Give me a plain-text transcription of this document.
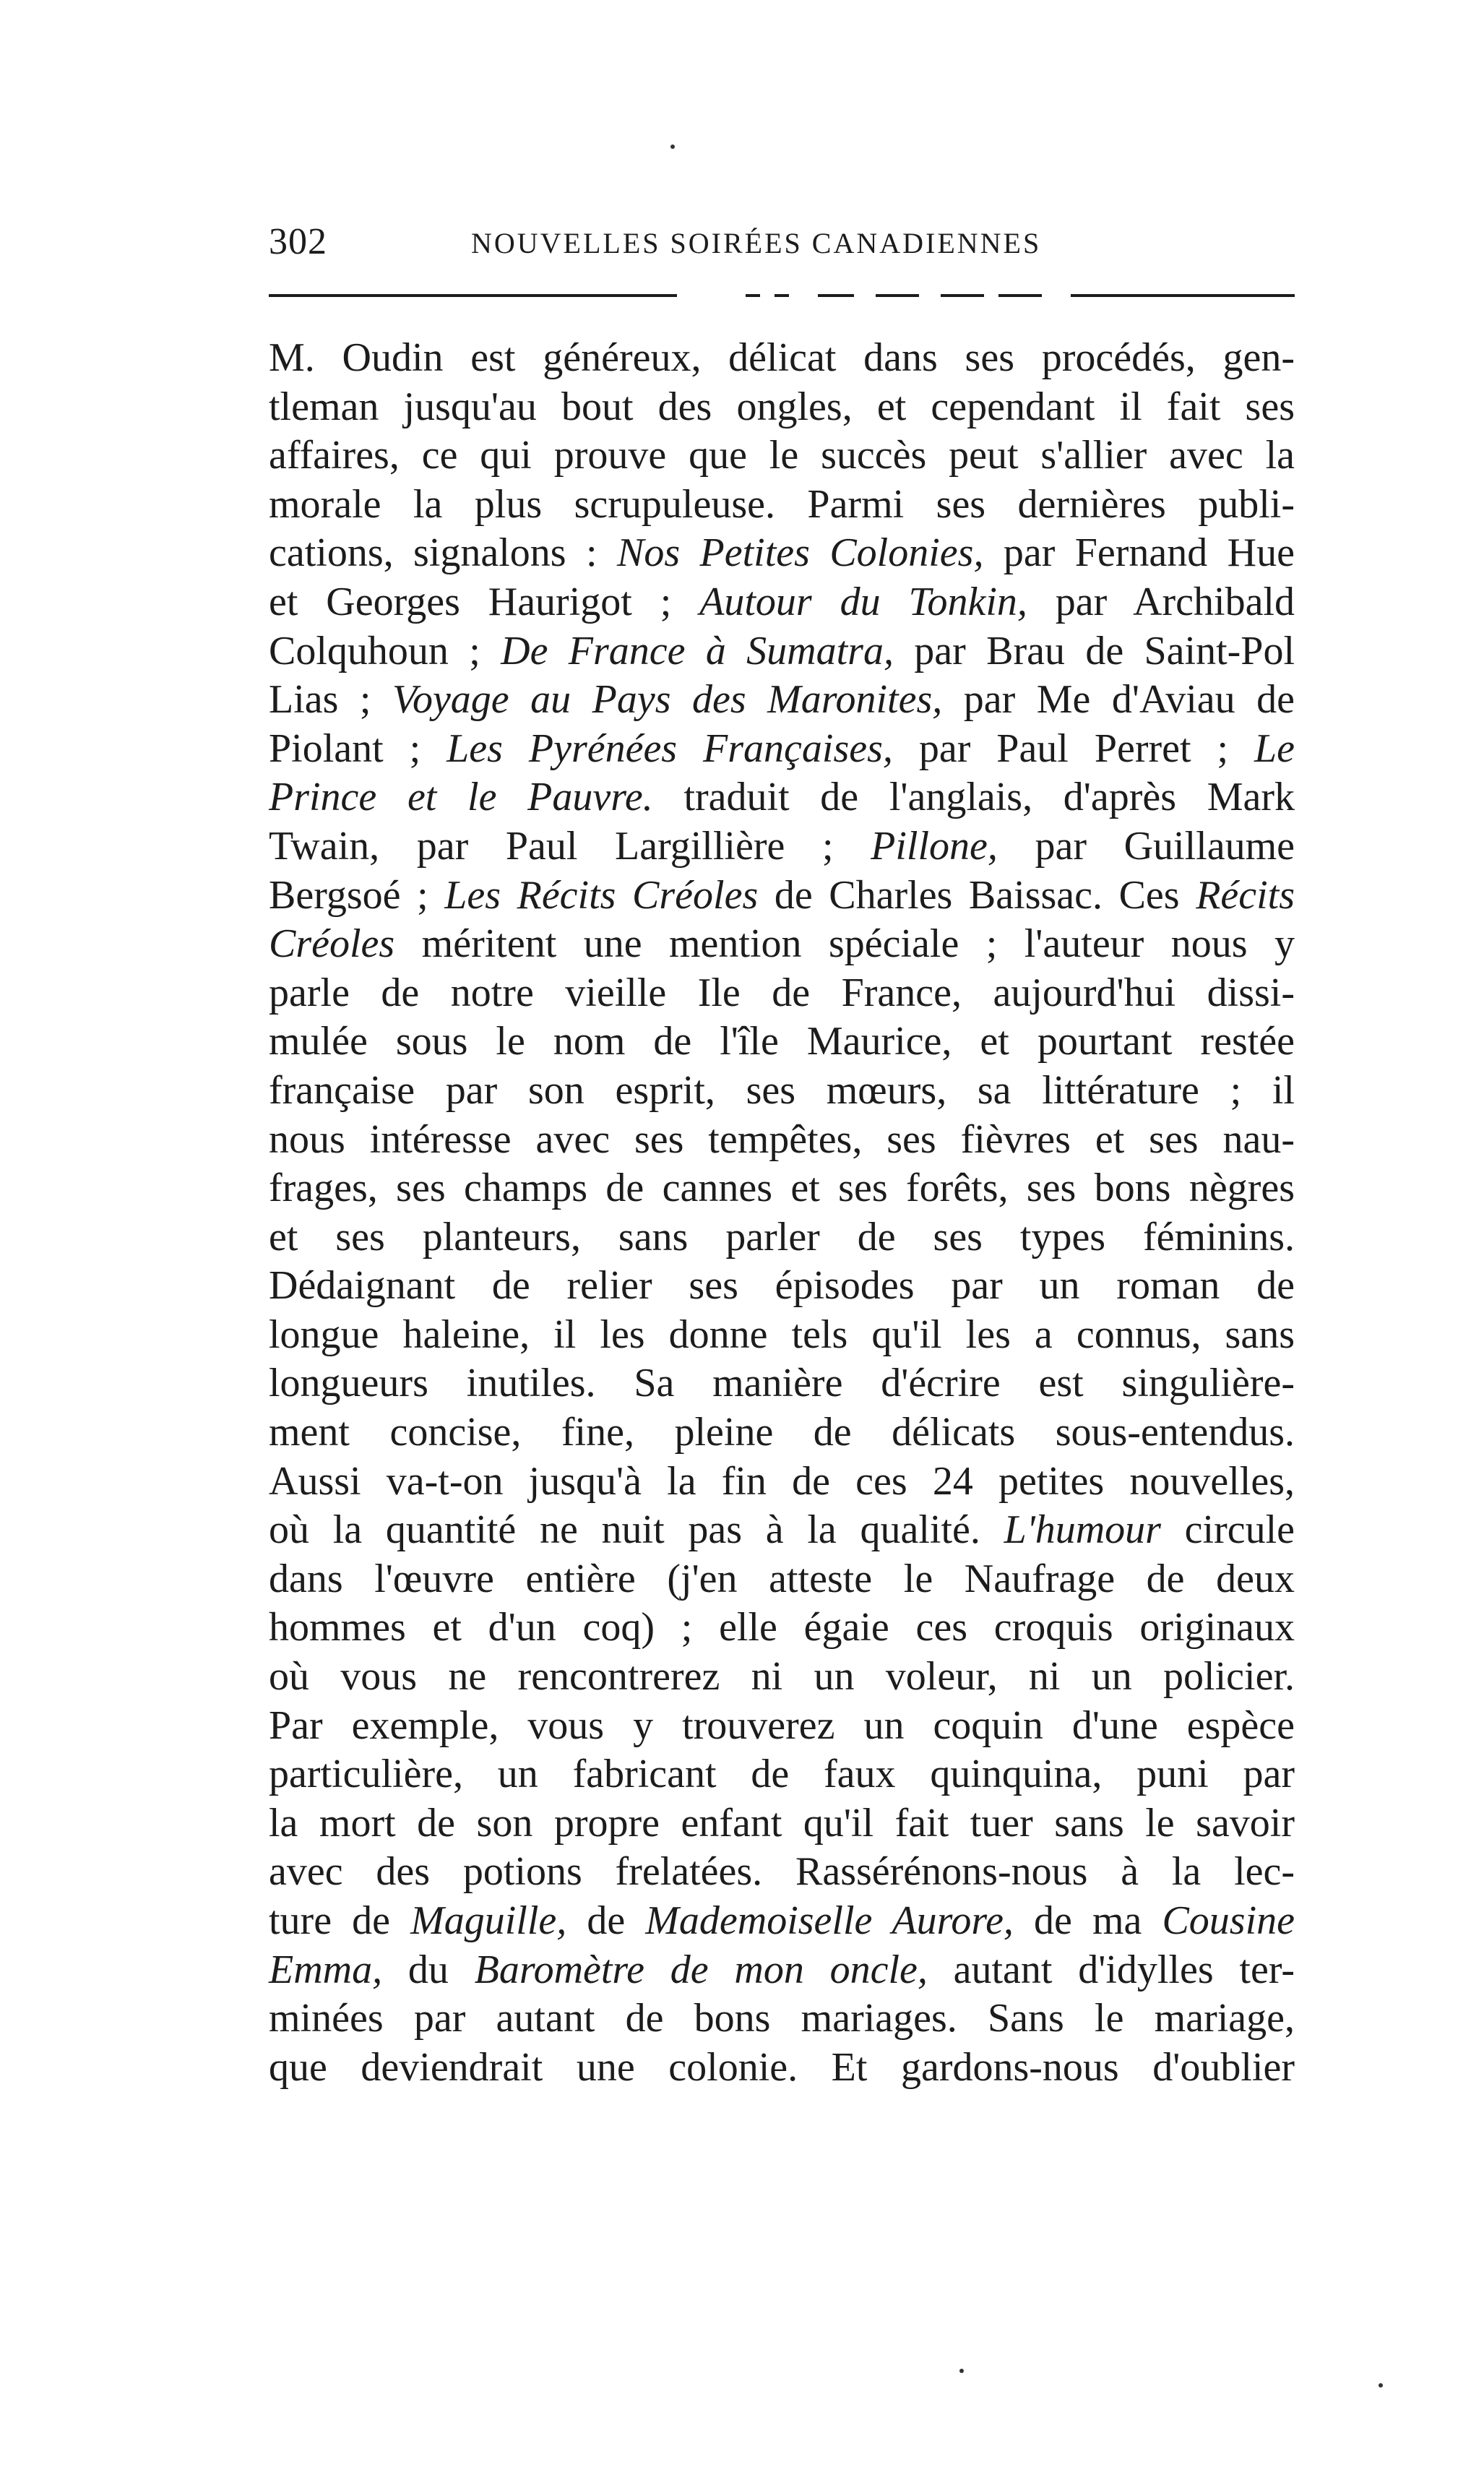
302	NOUVELLES SOIRÉES CANADIENNES
M. Oudin est généreux, délicat dans ses procédés, gen-
tleman jusqu'au bout des ongles, et cependant il fait ses
affaires, ce qui prouve que le succès peut s'allier avec la
morale la plus scrupuleuse. Parmi ses dernières publi-
cations, signalons : Nos Petites Colonies, par Fernand Hue
et Georges Haurigot ; Autour du Tonkin, par Archibald
Colquhoun ; De France à Sumatra, par Brau de Saint-Pol
Lias ; Voyage au Pays des Maronites, par Me d'Aviau de
Piolant ; Les Pyrénées Françaises, par Paul Perret ; Le
Prince et le Pauvre. traduit de l'anglais, d'après Mark
Twain, par Paul Largillière ; Pillone, par Guillaume
Bergsoé ; Les Récits Créoles de Charles Baissac. Ces Récits
Créoles méritent une mention spéciale ; l'auteur nous y
parle de notre vieille Ile de France, aujourd'hui dissi-
mulée sous le nom de l'île Maurice, et pourtant restée
française par son esprit, ses mœurs, sa littérature ; il
nous intéresse avec ses tempêtes, ses fièvres et ses nau-
frages, ses champs de cannes et ses forêts, ses bons nègres
et ses planteurs, sans parler de ses types féminins.
Dédaignant de relier ses épisodes par un roman de
longue haleine, il les donne tels qu'il les a connus, sans
longueurs inutiles. Sa manière d'écrire est singulière-
ment concise, fine, pleine de délicats sous-entendus.
Aussi va-t-on jusqu'à la fin de ces 24 petites nouvelles,
où la quantité ne nuit pas à la qualité. L'humour circule
dans l'œuvre entière (j'en atteste le Naufrage de deux
hommes et d'un coq) ; elle égaie ces croquis originaux
où vous ne rencontrerez ni un voleur, ni un policier.
Par exemple, vous y trouverez un coquin d'une espèce
particulière, un fabricant de faux quinquina, puni par
la mort de son propre enfant qu'il fait tuer sans le savoir
avec des potions frelatées. Rassérénons-nous à la lec-
ture de Maguille, de Mademoiselle Aurore, de ma Cousine
Emma, du Baromètre de mon oncle, autant d'idylles ter-
minées par autant de bons mariages. Sans le mariage,
que deviendrait une colonie. Et gardons-nous d'oublier
